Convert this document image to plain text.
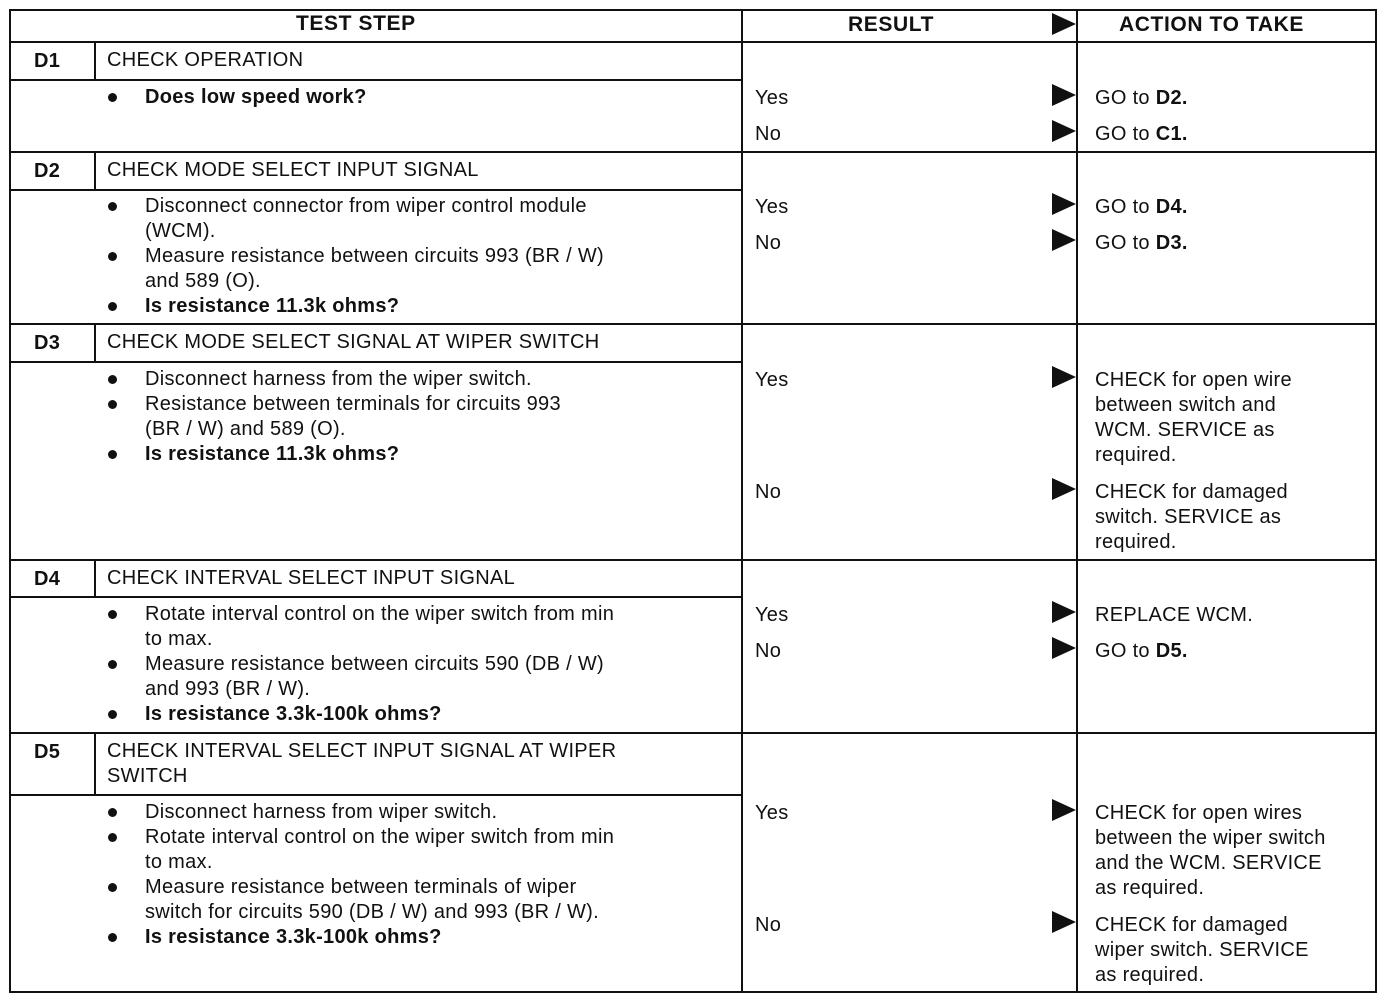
TEST STEP	RESULT	ACTION TO TAKE
D1 CHECK OPERATION
Does low speed work?	Yes	GO to D2.
No	GO to C1.
D2 CHECK MODE SELECT INPUT SIGNAL
Disconnect connector from wiper control module
(WCM).
Measure resistance between circuits 993 (BR / W)
and 589 (O).
Is resistance 11.3k ohms?
Yes	GO to D4.
No	GO to D3.
D3 CHECK MODE SELECT SIGNAL AT WIPER SWITCH
Disconnect harness from the wiper switch.
Resistance between terminals for circuits 993
(BR / W) and 589 (O).
Is resistance 11.3k ohms?
Yes	CHECK for open wire
between switch and
WCM. SERVICE as
required.
No	CHECK for damaged
switch. SERVICE as
required.
D4 CHECK INTERVAL SELECT INPUT SIGNAL
Rotate interval control on the wiper switch from min
to max.
Measure resistance between circuits 590 (DB / W)
and 993 (BR / W).
Is resistance 3.3k-100k ohms?
Yes	REPLACE WCM.
No	GO to D5.
D5 CHECK INTERVAL SELECT INPUT SIGNAL AT WIPER
SWITCH
Disconnect harness from wiper switch.
Rotate interval control on the wiper switch from min
to max.
Measure resistance between terminals of wiper
switch for circuits 590 (DB / W) and 993 (BR / W).
Is resistance 3.3k-100k ohms?
Yes	CHECK for open wires
between the wiper switch
and the WCM. SERVICE
as required.
No	CHECK for damaged
wiper switch. SERVICE
as required.
